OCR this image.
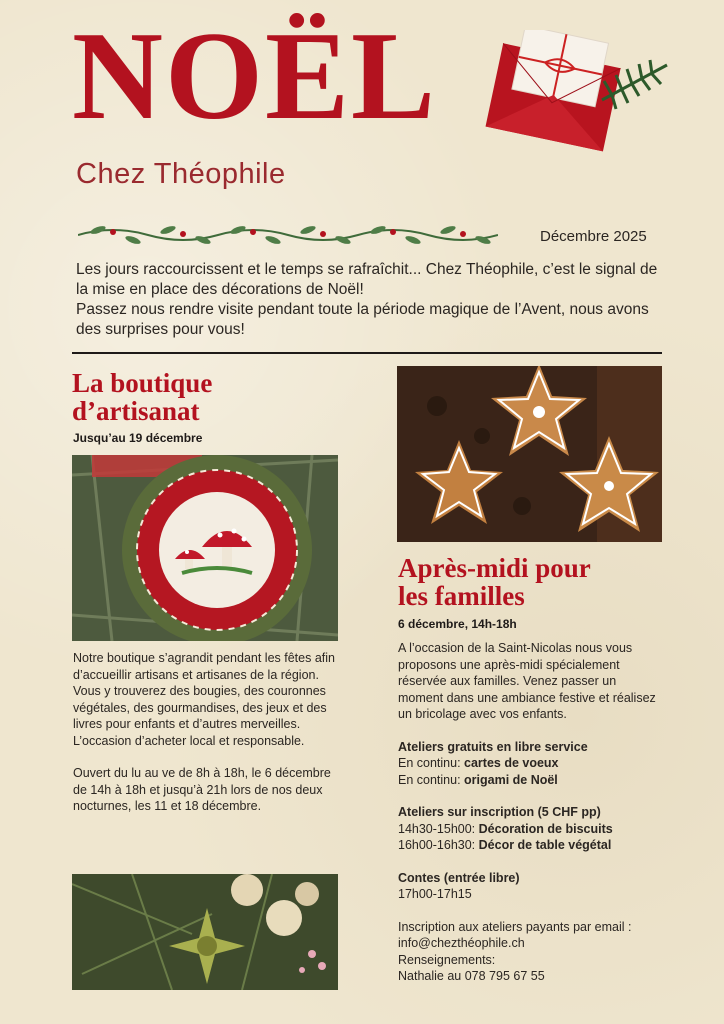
NOËL
Chez Théophile
Décembre 2025
Les jours raccourcissent et le temps se rafraîchit... Chez Théophile, c’est le signal de la mise en place des décorations de Noël!
Passez nous rendre visite pendant toute la période magique de l’Avent, nous avons des surprises pour vous!
La boutique
d’artisanat
Jusqu’au 19 décembre

Notre boutique s’agrandit pendant les fêtes afin d’accueillir artisans et artisanes de la région.

Vous y trouverez des bougies, des couronnes végétales, des gourmandises, des jeux et des livres pour enfants et d’autres merveilles.

L’occasion d’acheter local et responsable.

Ouvert du lu au ve de 8h à 18h, le 6 décembre de 14h à 18h et jusqu’à 21h lors de nos deux nocturnes, les 11 et 18 décembre.

Après-midi pour
les familles
6 décembre, 14h-18h

A l’occasion de la Saint-Nicolas nous vous proposons une après-midi spécialement réservée aux familles. Venez passer un moment dans une ambiance festive et réalisez un bricolage avec vos enfants.

Ateliers gratuits en libre service

En continu: cartes de voeux

En continu: origami de Noël

Ateliers sur inscription (5 CHF pp)

14h30-15h00: Décoration de biscuits

16h00-16h30: Décor de table végétal

Contes (entrée libre)

17h00-17h15

Inscription aux ateliers payants par email :

info@chezthéophile.ch

Renseignements:

Nathalie au 078 795 67 55
